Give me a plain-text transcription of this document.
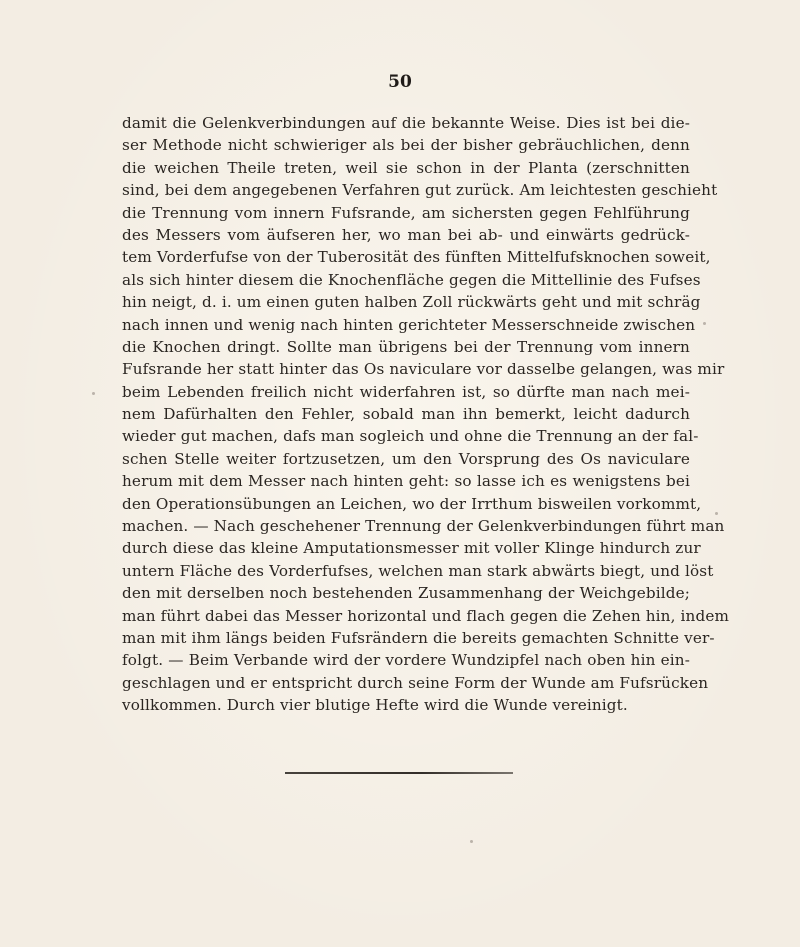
50
damit die Gelenkverbindungen auf die bekannte Weise. Dies ist bei die-
ser Methode nicht schwieriger als bei der bisher gebräuchlichen, denn
die weichen Theile treten, weil sie schon in der Planta (zerschnitten
sind, bei dem angegebenen Verfahren gut zurück. Am leichtesten geschieht
die Trennung vom innern Fufsrande, am sichersten gegen Fehlführung
des Messers vom äufseren her, wo man bei ab- und einwärts gedrück-
tem Vorderfufse von der Tuberosität des fünften Mittelfufsknochen soweit,
als sich hinter diesem die Knochenfläche gegen die Mittellinie des Fufses
hin neigt, d. i. um einen guten halben Zoll rückwärts geht und mit schräg
nach innen und wenig nach hinten gerichteter Messerschneide zwischen
die Knochen dringt. Sollte man übrigens bei der Trennung vom innern
Fufsrande her statt hinter das Os naviculare vor dasselbe gelangen, was mir
beim Lebenden freilich nicht widerfahren ist, so dürfte man nach mei-
nem Dafürhalten den Fehler, sobald man ihn bemerkt, leicht dadurch
wieder gut machen, dafs man sogleich und ohne die Trennung an der fal-
schen Stelle weiter fortzusetzen, um den Vorsprung des Os naviculare
herum mit dem Messer nach hinten geht: so lasse ich es wenigstens bei
den Operationsübungen an Leichen, wo der Irrthum bisweilen vorkommt,
machen. — Nach geschehener Trennung der Gelenkverbindungen führt man
durch diese das kleine Amputationsmesser mit voller Klinge hindurch zur
untern Fläche des Vorderfufses, welchen man stark abwärts biegt, und löst
den mit derselben noch bestehenden Zusammenhang der Weichgebilde;
man führt dabei das Messer horizontal und flach gegen die Zehen hin, indem
man mit ihm längs beiden Fufsrändern die bereits gemachten Schnitte ver-
folgt. — Beim Verbande wird der vordere Wundzipfel nach oben hin ein-
geschlagen und er entspricht durch seine Form der Wunde am Fufsrücken
vollkommen. Durch vier blutige Hefte wird die Wunde vereinigt.
